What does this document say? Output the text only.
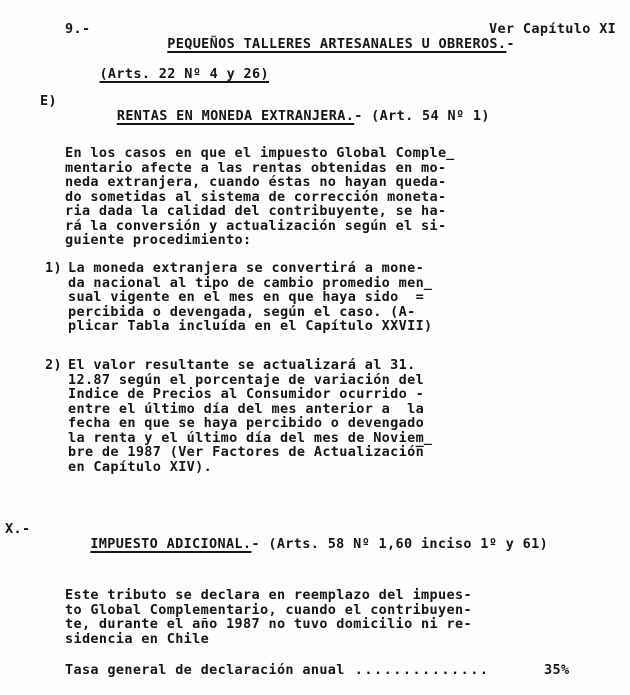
9.-

PEQUEÑOS TALLERES ARTESANALES U OBREROS.-

(Arts. 22 Nº 4 y 26)
Ver Capítulo XI
E)

RENTAS EN MONEDA EXTRANJERA.- (Art. 54 Nº 1)

En los casos en que el impuesto Global Comple̲
mentario afecte a las rentas obtenidas en mo-
neda extranjera, cuando éstas no hayan queda-
do sometidas al sistema de corrección moneta-
ria dada la calidad del contribuyente, se ha-
rá la conversión y actualización según el si-
guiente procedimiento:
1) La moneda extranjera se convertirá a mone-
da nacional al tipo de cambio promedio men̲
sual vigente en el mes en que haya sido  =
percibida o devengada, según el caso. (A-
plicar Tabla incluída en el Capítulo XXVII)
2) El valor resultante se actualizará al 31.
12.87 según el porcentaje de variación del
Indice de Precios al Consumidor ocurrido -
entre el último día del mes anterior a  la
fecha en que se haya percibido o devengado
la renta y el último día del mes de Noviem̲
bre de 1987 (Ver Factores de Actualización̅
en Capítulo XIV).
X.-

IMPUESTO ADICIONAL.- (Arts. 58 Nº 1,60 inciso 1º y 61)

Este tributo se declara en reemplazo del impues-
to Global Complementario, cuando el contribuyen-
te, durante el año 1987 no tuvo domicilio ni re-
sidencia en Chile
Tasa general de declaración anual ..............	35%
